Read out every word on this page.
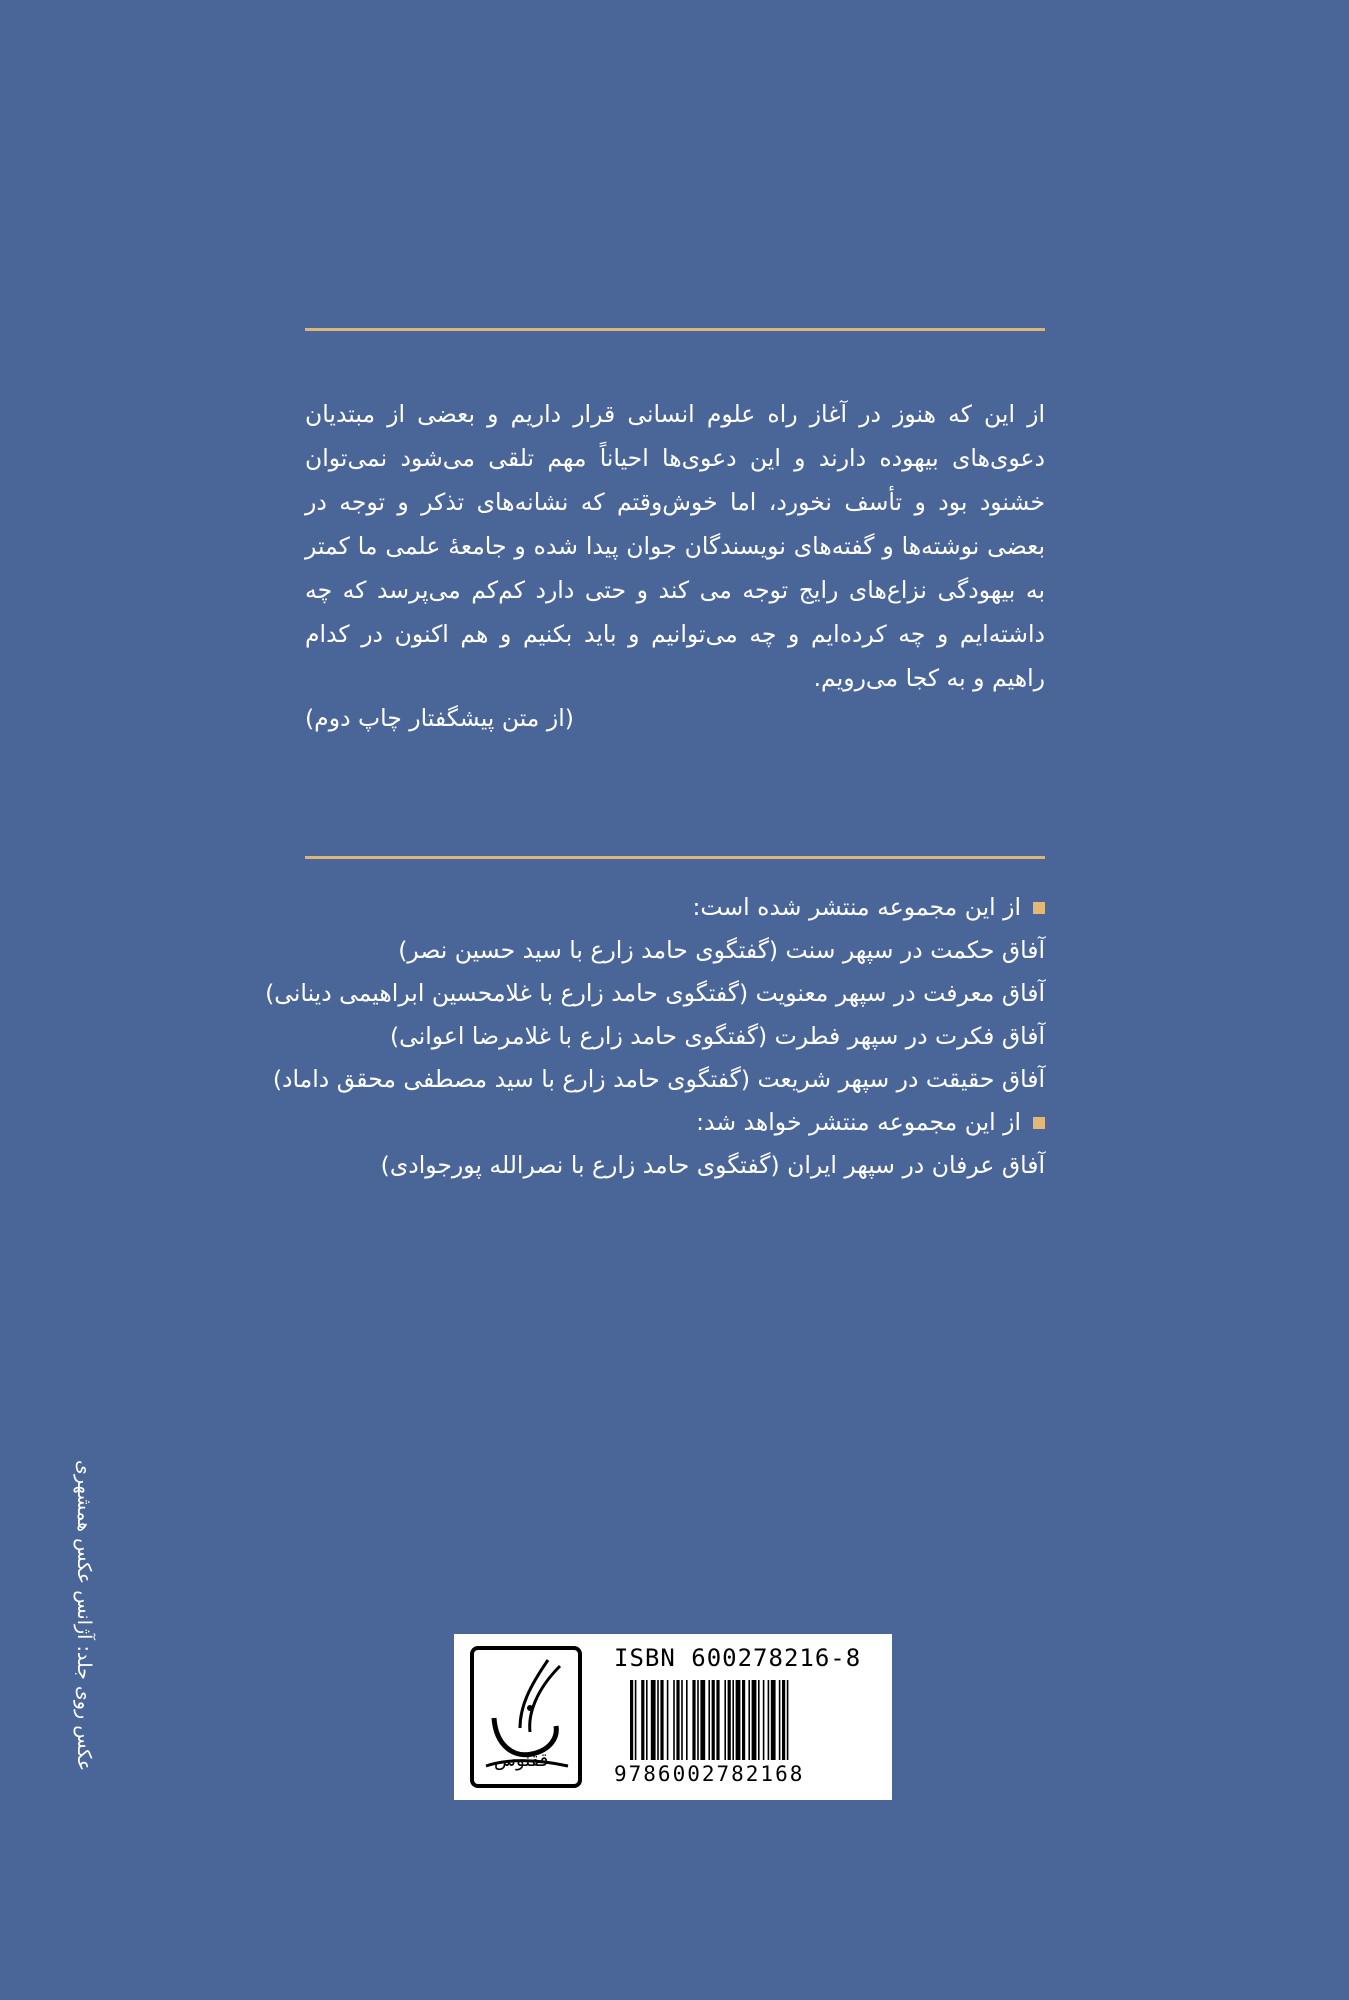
از این که هنوز در آغاز راه علوم انسانی قرار داریم و بعضی از مبتدیان دعوی‌های بیهوده دارند و این دعوی‌ها احیاناً مهم تلقی می‌شود نمی‌توان خشنود بود و تأسف نخورد، اما خوش‌وقتم که نشانه‌های تذکر و توجه در بعضی نوشته‌ها و گفته‌های نویسندگان جوان پیدا شده و جامعهٔ علمی ما کمتر به بیهودگی نزاع‌های رایج توجه می کند و حتی دارد کم‌کم می‌پرسد که چه داشته‌ایم و چه کرده‌ایم و چه می‌توانیم و باید بکنیم و هم اکنون در کدام راهیم و به کجا می‌رویم.

(از متن پیشگفتار چاپ دوم)
از این مجموعه منتشر شده است:
آفاق حکمت در سپهر سنت (گفتگوی حامد زارع با سید حسین نصر)
آفاق معرفت در سپهر معنویت (گفتگوی حامد زارع با غلامحسین ابراهیمی دینانی)
آفاق فکرت در سپهر فطرت (گفتگوی حامد زارع با غلامرضا اعوانی)
آفاق حقیقت در سپهر شریعت (گفتگوی حامد زارع با سید مصطفی محقق داماد)
از این مجموعه منتشر خواهد شد:
آفاق عرفان در سپهر ایران (گفتگوی حامد زارع با نصرالله پورجوادی)
عکس روی جلد: آژانس عکس همشهری	ققنوس
ISBN 600278216-8
9786002782168
